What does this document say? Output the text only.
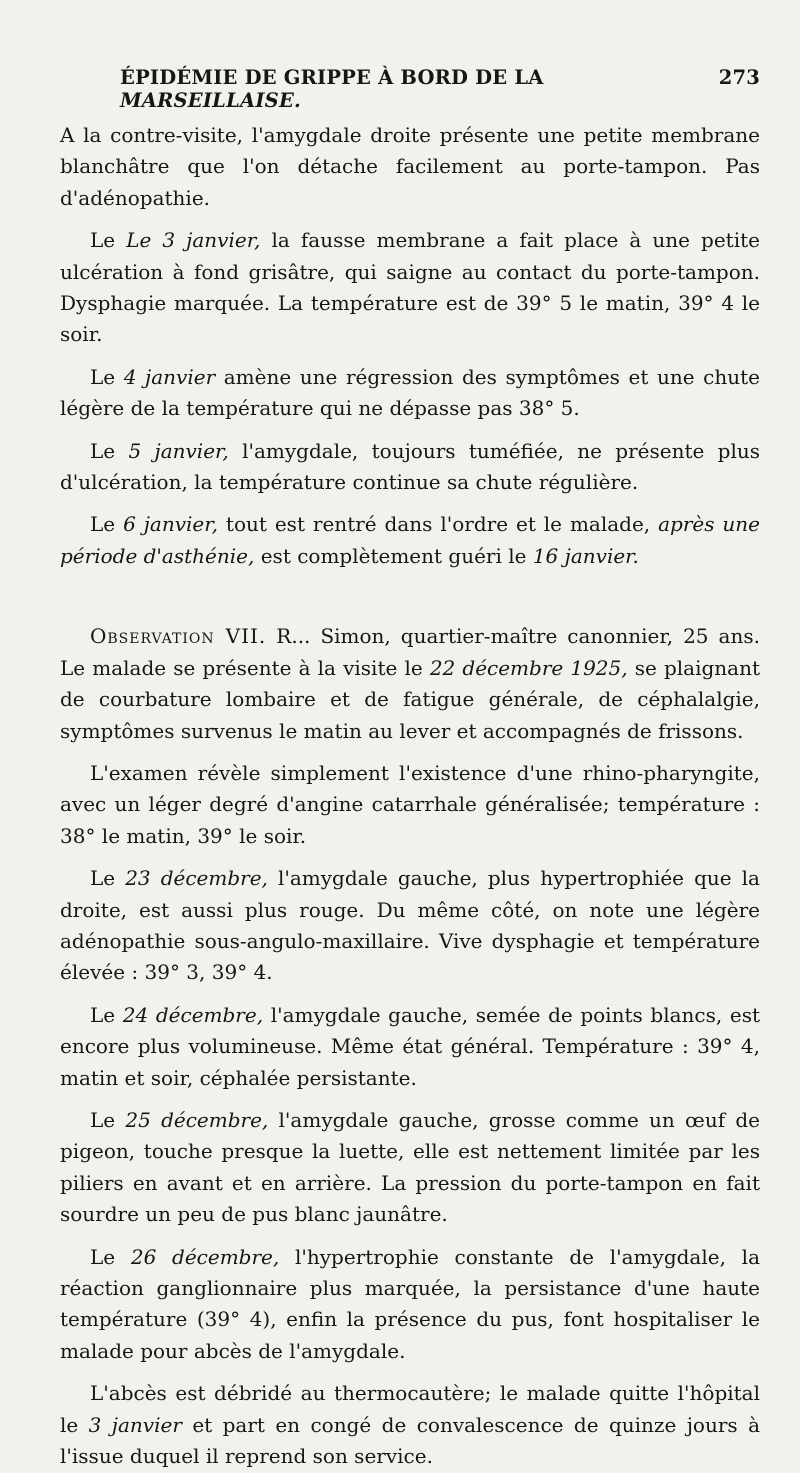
ÉPIDÉMIE DE GRIPPE À BORD DE LA MARSEILLAISE.
273

A la contre-visite, l'amygdale droite présente une petite membrane blanchâtre que l'on détache facilement au porte-tampon. Pas d'adénopathie.

Le Le 3 janvier, la fausse membrane a fait place à une petite ulcération à fond grisâtre, qui saigne au contact du porte-tampon. Dysphagie marquée. La température est de 39° 5 le matin, 39° 4 le soir.

Le 4 janvier amène une régression des symptômes et une chute légère de la température qui ne dépasse pas 38° 5.

Le 5 janvier, l'amygdale, toujours tuméfiée, ne présente plus d'ulcération, la température continue sa chute régulière.

Le 6 janvier, tout est rentré dans l'ordre et le malade, après une période d'asthénie, est complètement guéri le 16 janvier.

Observation VII. R... Simon, quartier-maître canonnier, 25 ans. Le malade se présente à la visite le 22 décembre 1925, se plaignant de courbature lombaire et de fatigue générale, de céphalalgie, symptômes survenus le matin au lever et accompagnés de frissons.

L'examen révèle simplement l'existence d'une rhino-pharyngite, avec un léger degré d'angine catarrhale généralisée; température : 38° le matin, 39° le soir.

Le 23 décembre, l'amygdale gauche, plus hypertrophiée que la droite, est aussi plus rouge. Du même côté, on note une légère adénopathie sous-angulo-maxillaire. Vive dysphagie et température élevée : 39° 3, 39° 4.

Le 24 décembre, l'amygdale gauche, semée de points blancs, est encore plus volumineuse. Même état général. Température : 39° 4, matin et soir, céphalée persistante.

Le 25 décembre, l'amygdale gauche, grosse comme un œuf de pigeon, touche presque la luette, elle est nettement limitée par les piliers en avant et en arrière. La pression du porte-tampon en fait sourdre un peu de pus blanc jaunâtre.

Le 26 décembre, l'hypertrophie constante de l'amygdale, la réaction ganglionnaire plus marquée, la persistance d'une haute température (39° 4), enfin la présence du pus, font hospitaliser le malade pour abcès de l'amygdale.

L'abcès est débridé au thermocautère; le malade quitte l'hôpital le 3 janvier et part en congé de convalescence de quinze jours à l'issue duquel il reprend son service.
